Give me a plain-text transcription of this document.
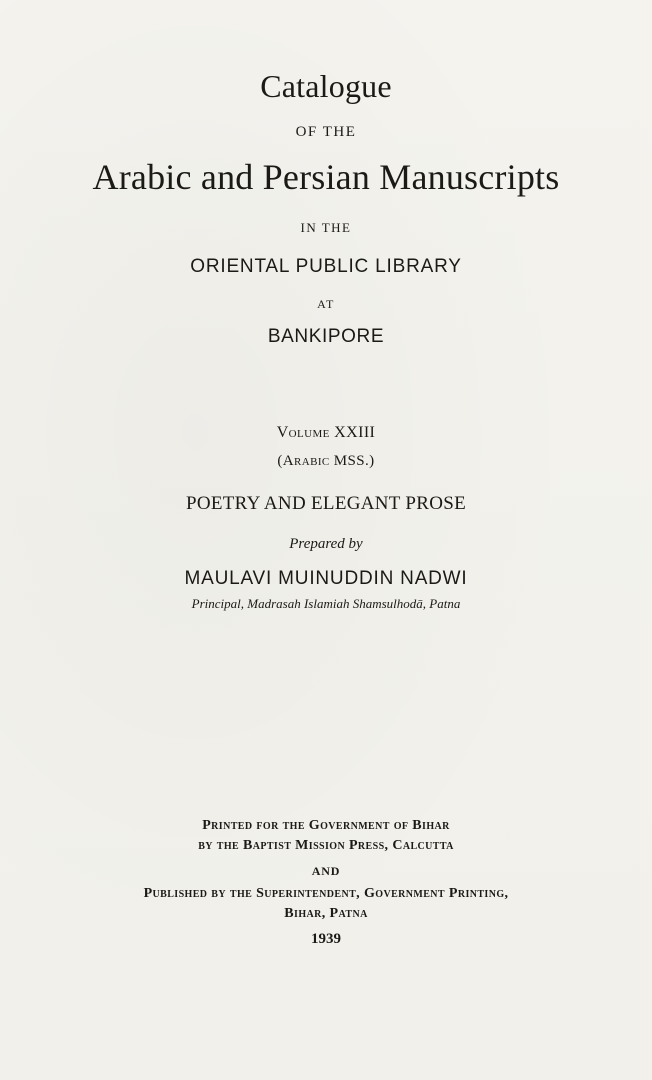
Catalogue
OF THE
Arabic and Persian Manuscripts
IN THE
ORIENTAL PUBLIC LIBRARY
AT
BANKIPORE
Volume XXIII
(Arabic MSS.)
POETRY AND ELEGANT PROSE
Prepared by
MAULAVI MUINUDDIN NADWI
Principal, Madrasah Islamiah Shamsulhodā, Patna
Printed for the Government of Bihar
by the Baptist Mission Press, Calcutta
AND
Published by the Superintendent, Government Printing,
Bihar, Patna
1939
